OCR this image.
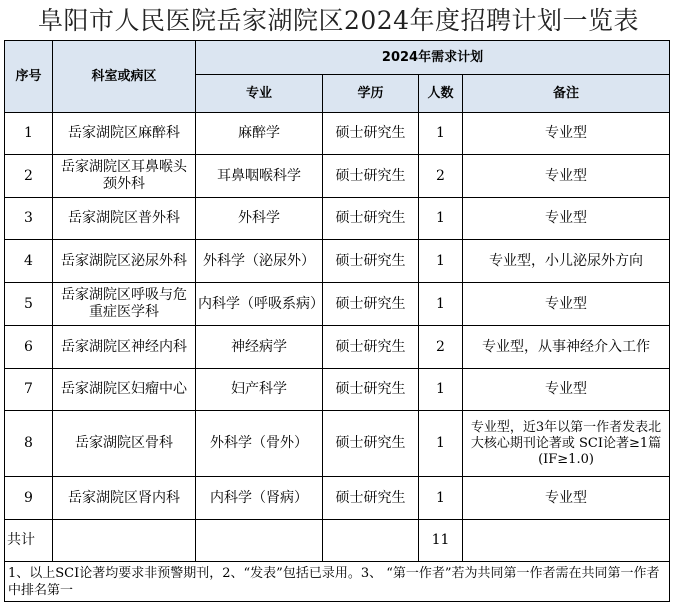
阜阳市人民医院岳家湖院区2024年度招聘计划一览表
序号	科室或病区	2024年需求计划			
		专业	学历	人数	备注
1	岳家湖院区麻醉科	麻醉学	硕士研究生	1	专业型
2	岳家湖院区耳鼻喉头颈外科	耳鼻咽喉科学	硕士研究生	2	专业型
3	岳家湖院区普外科	外科学	硕士研究生	1	专业型
4	岳家湖院区泌尿外科	外科学（泌尿外）	硕士研究生	1	专业型，小儿泌尿外方向
5	岳家湖院区呼吸与危重症医学科	内科学（呼吸系病）	硕士研究生	1	专业型
6	岳家湖院区神经内科	神经病学	硕士研究生	2	专业型，从事神经介入工作
7	岳家湖院区妇瘤中心	妇产科学	硕士研究生	1	专业型
8	岳家湖院区骨科	外科学（骨外）	硕士研究生	1	专业型，近3年以第一作者发表北大核心期刊论著或 SCI论著≥1篇(IF≥1.0)
9	岳家湖院区肾内科	内科学（肾病）	硕士研究生	1	专业型
共计				11	
1、以上SCI论著均要求非预警期刊，2、“发表”包括已录用。3、 “第一作者”若为共同第一作者需在共同第一作者中排名第一					
